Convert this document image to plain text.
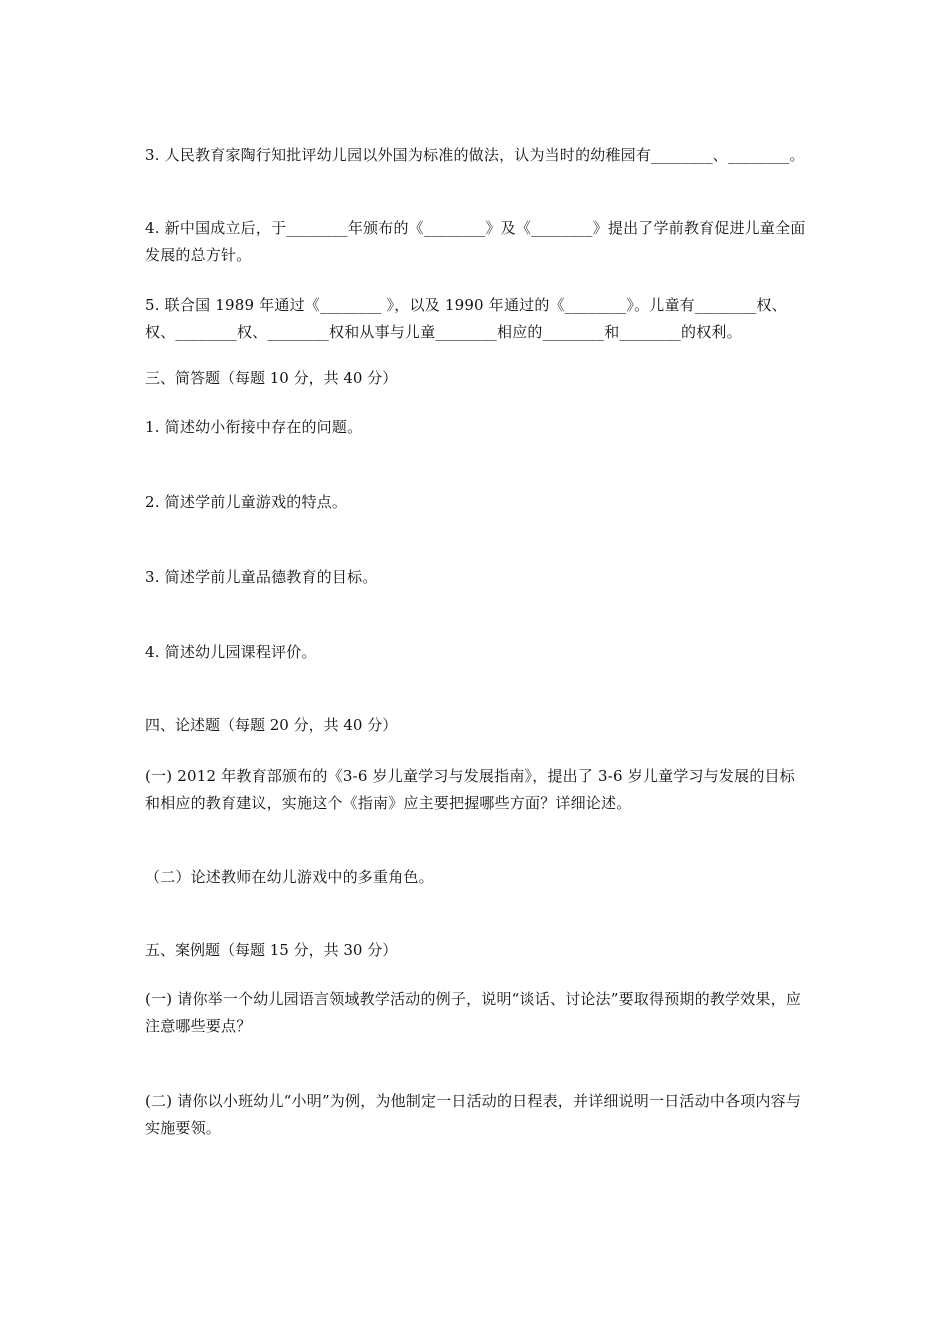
3. 人民教育家陶行知批评幼儿园以外国为标准的做法，认为当时的幼稚园有________、________。
4. 新中国成立后，于________年颁布的《________》及《________》提出了学前教育促进儿童全面发展的总方针。
5. 联合国 1989 年通过《________ 》，以及 1990 年通过的《________》。儿童有________权、权、________权、________权和从事与儿童________相应的________和________的权利。
三、简答题（每题 10 分，共 40 分）
1. 简述幼小衔接中存在的问题。
2. 简述学前儿童游戏的特点。
3. 简述学前儿童品德教育的目标。
4. 简述幼儿园课程评价。
四、论述题（每题 20 分，共 40 分）
(一) 2012 年教育部颁布的《3-6 岁儿童学习与发展指南》，提出了 3-6 岁儿童学习与发展的目标和相应的教育建议，实施这个《指南》应主要把握哪些方面？详细论述。
（二）论述教师在幼儿游戏中的多重角色。
五、案例题（每题 15 分，共 30 分）
(一) 请你举一个幼儿园语言领域教学活动的例子，说明“谈话、讨论法”要取得预期的教学效果，应注意哪些要点？
(二) 请你以小班幼儿“小明”为例，为他制定一日活动的日程表，并详细说明一日活动中各项内容与实施要领。
